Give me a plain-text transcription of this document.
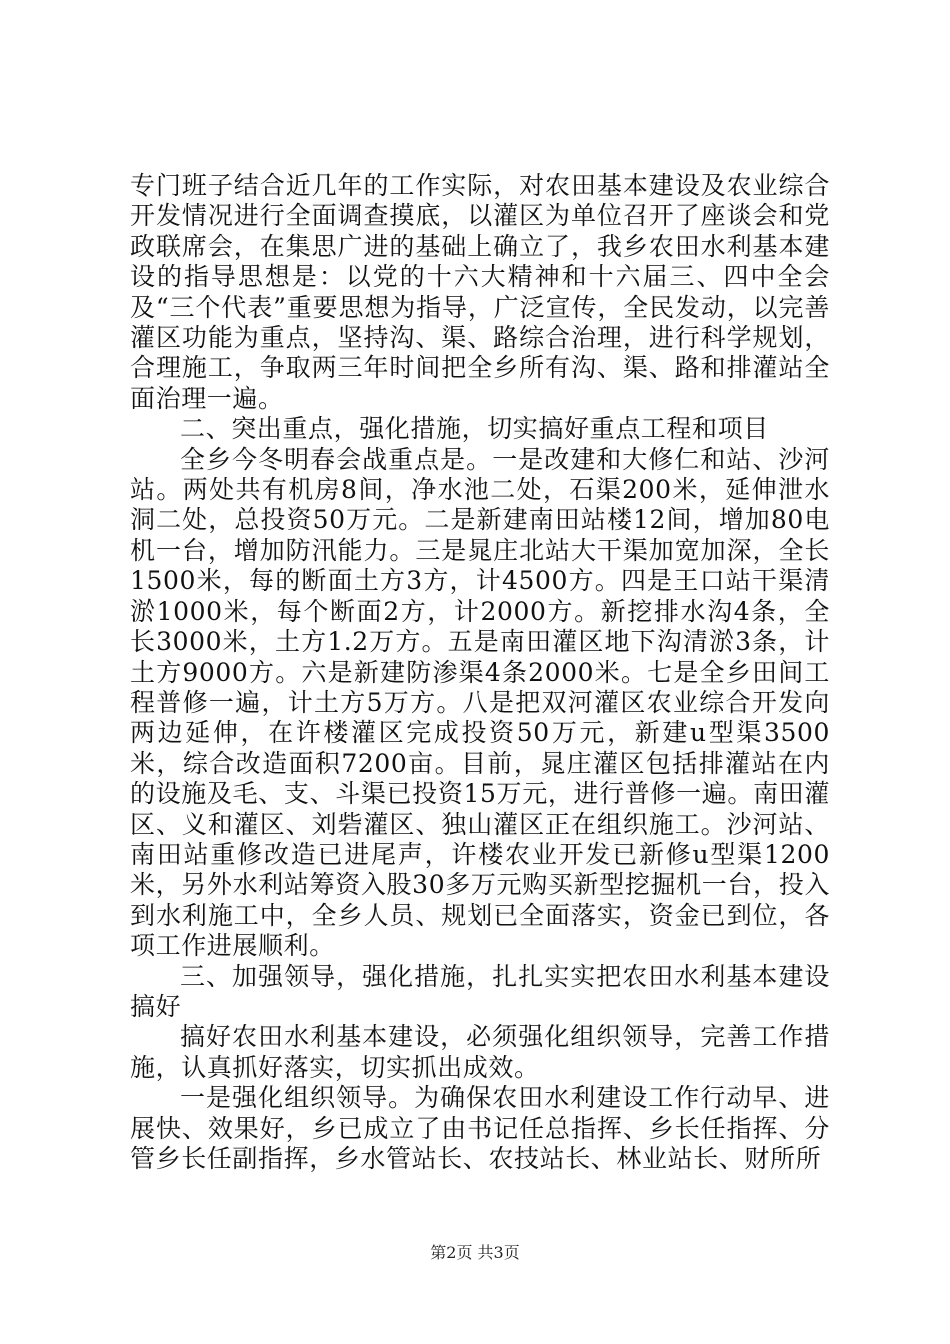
专门班子结合近几年的工作实际，对农田基本建设及农业综合开发情况进行全面调查摸底，以灌区为单位召开了座谈会和党政联席会，在集思广进的基础上确立了，我乡农田水利基本建设的指导思想是：以党的十六大精神和十六届三、四中全会及“三个代表”重要思想为指导，广泛宣传，全民发动，以完善灌区功能为重点，坚持沟、渠、路综合治理，进行科学规划，合理施工，争取两三年时间把全乡所有沟、渠、路和排灌站全面治理一遍。

二、突出重点，强化措施，切实搞好重点工程和项目

全乡今冬明春会战重点是。一是改建和大修仁和站、沙河站。两处共有机房8间，净水池二处，石渠200米，延伸泄水洞二处，总投资50万元。二是新建南田站楼12间，增加80电机一台，增加防汛能力。三是晁庄北站大干渠加宽加深，全长1500米，每的断面土方3方，计4500方。四是王口站干渠清淤1000米，每个断面2方，计2000方。新挖排水沟4条，全长3000米，土方1.2万方。五是南田灌区地下沟清淤3条，计土方9000方。六是新建防渗渠4条2000米。七是全乡田间工程普修一遍，计土方5万方。八是把双河灌区农业综合开发向两边延伸，在许楼灌区完成投资50万元，新建u型渠3500米，综合改造面积7200亩。目前，晁庄灌区包括排灌站在内的设施及毛、支、斗渠已投资15万元，进行普修一遍。南田灌区、义和灌区、刘砦灌区、独山灌区正在组织施工。沙河站、南田站重修改造已进尾声，许楼农业开发已新修u型渠1200米，另外水利站筹资入股30多万元购买新型挖掘机一台，投入到水利施工中，全乡人员、规划已全面落实，资金已到位，各项工作进展顺利。

三、加强领导，强化措施，扎扎实实把农田水利基本建设搞好

搞好农田水利基本建设，必须强化组织领导，完善工作措施，认真抓好落实，切实抓出成效。

一是强化组织领导。为确保农田水利建设工作行动早、进展快、效果好，乡已成立了由书记任总指挥、乡长任指挥、分管乡长任副指挥，乡水管站长、农技站长、林业站长、财所所

第2页 共3页
